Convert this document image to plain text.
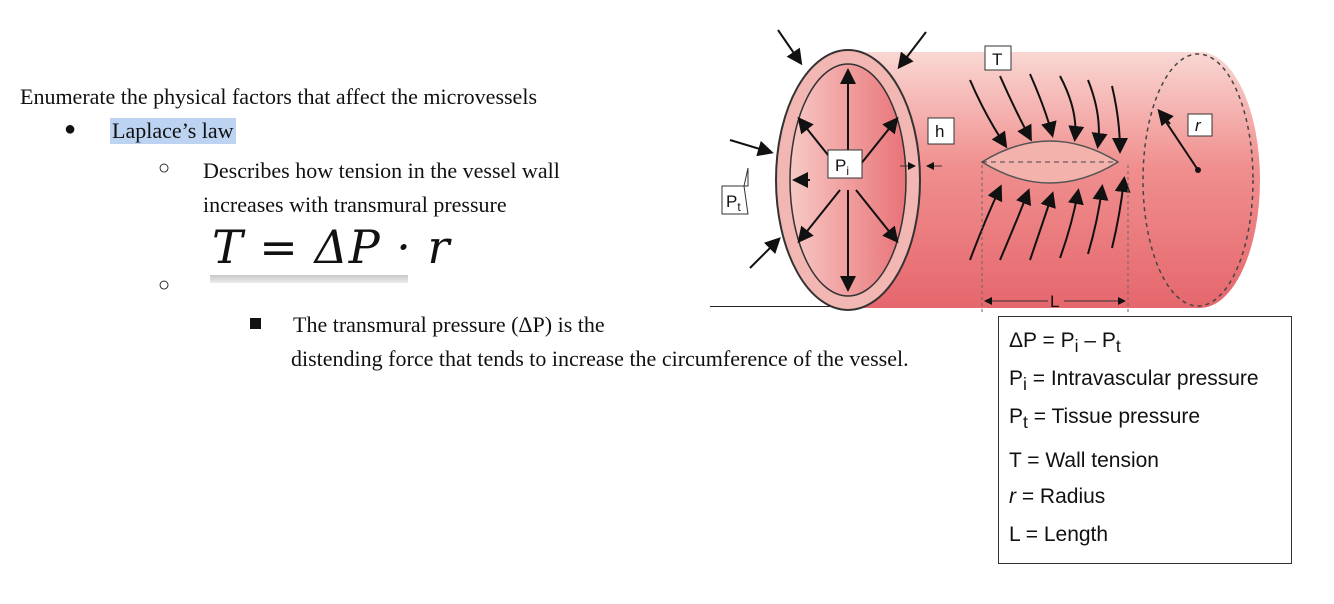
Enumerate the physical factors that affect the microvessels
● Laplace’s law
○ Describes how tension in the vessel wall
increases with transmural pressure
T = ΔP · r
○
The transmural pressure (ΔP) is the
distending force that tends to increase the circumference of the vessel.
T
h	r
$P_i$
$P_t$
L
$\Delta P = P_i - P_t$
$P_i$ = Intravascular pressure
$P_t$ = Tissue pressure
T = Wall tension
r = Radius
L = Length
